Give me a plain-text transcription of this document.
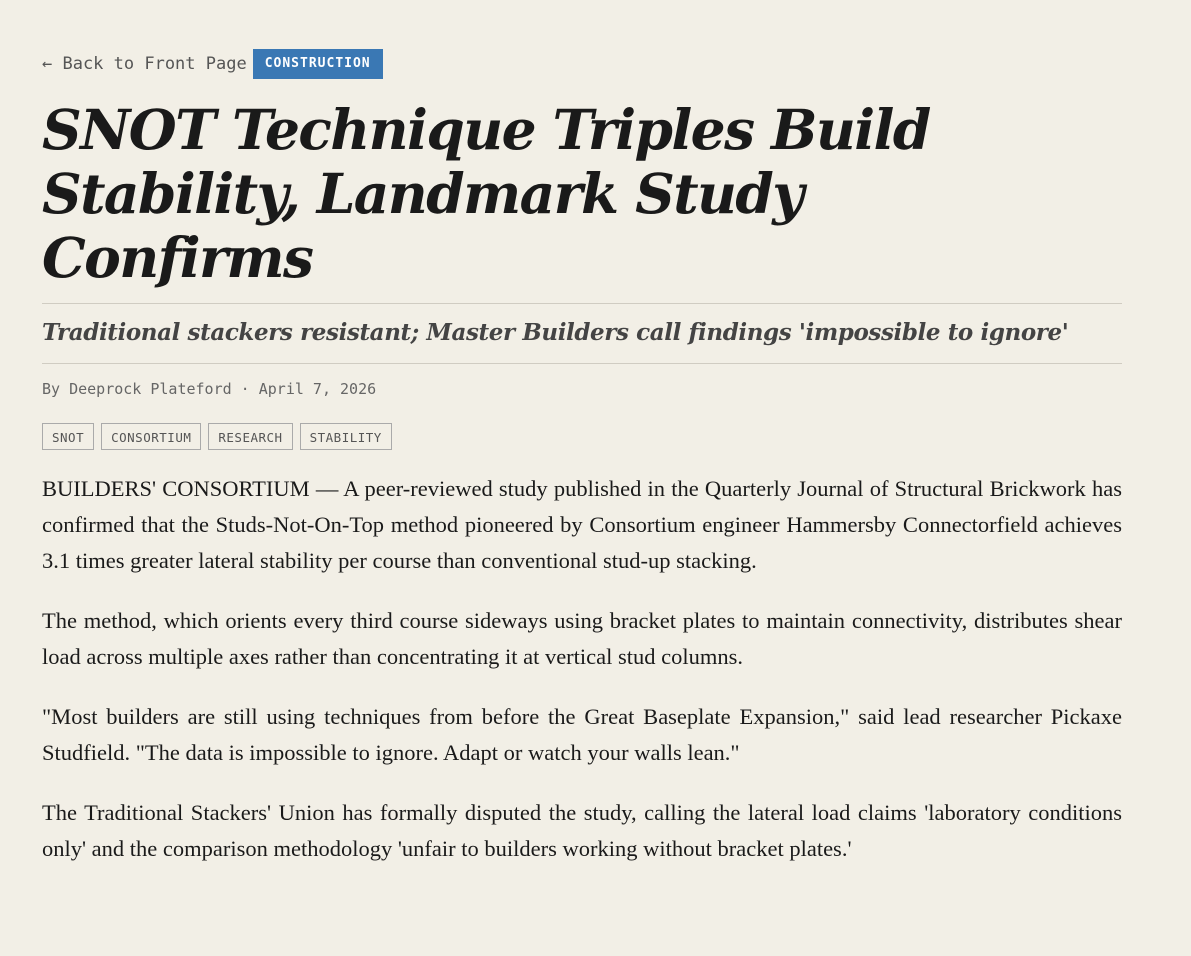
← Back to Front Page	CONSTRUCTION
SNOT Technique Triples Build Stability, Landmark Study Confirms
Traditional stackers resistant; Master Builders call findings 'impossible to ignore'
By Deeprock Plateford · April 7, 2026
SNOT	CONSORTIUM	RESEARCH	STABILITY

BUILDERS' CONSORTIUM — A peer-reviewed study published in the Quarterly Journal of Structural Brickwork has confirmed that the Studs-Not-On-Top method pioneered by Consortium engineer Hammersby Connectorfield achieves 3.1 times greater lateral stability per course than conventional stud-up stacking.

The method, which orients every third course sideways using bracket plates to maintain connectivity, distributes shear load across multiple axes rather than concentrating it at vertical stud columns.

"Most builders are still using techniques from before the Great Baseplate Expansion," said lead researcher Pickaxe Studfield. "The data is impossible to ignore. Adapt or watch your walls lean."

The Traditional Stackers' Union has formally disputed the study, calling the lateral load claims 'laboratory conditions only' and the comparison methodology 'unfair to builders working without bracket plates.'
